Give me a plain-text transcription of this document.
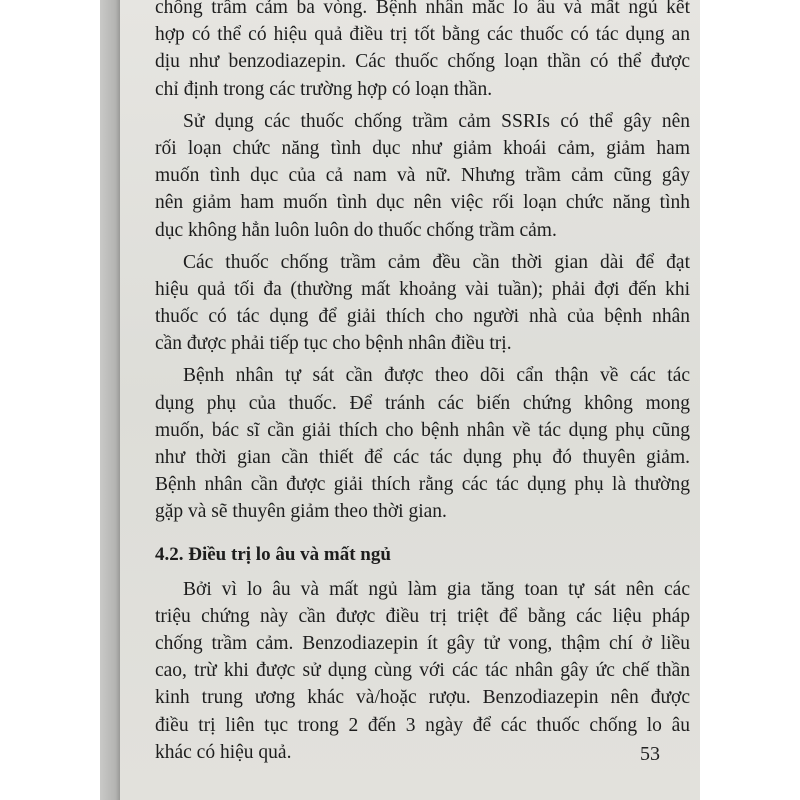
chống trầm cảm ba vòng. Bệnh nhân mắc lo âu và mất ngủ kết
hợp có thể có hiệu quả điều trị tốt bằng các thuốc có tác dụng an
dịu như benzodiazepin. Các thuốc chống loạn thần có thể được
chỉ định trong các trường hợp có loạn thần.
Sử dụng các thuốc chống trầm cảm SSRIs có thể gây nên
rối loạn chức năng tình dục như giảm khoái cảm, giảm ham
muốn tình dục của cả nam và nữ. Nhưng trầm cảm cũng gây
nên giảm ham muốn tình dục nên việc rối loạn chức năng tình
dục không hẳn luôn luôn do thuốc chống trầm cảm.
Các thuốc chống trầm cảm đều cần thời gian dài để đạt
hiệu quả tối đa (thường mất khoảng vài tuần); phải đợi đến khi
thuốc có tác dụng để giải thích cho người nhà của bệnh nhân
cần được phải tiếp tục cho bệnh nhân điều trị.
Bệnh nhân tự sát cần được theo dõi cẩn thận về các tác
dụng phụ của thuốc. Để tránh các biến chứng không mong
muốn, bác sĩ cần giải thích cho bệnh nhân về tác dụng phụ cũng
như thời gian cần thiết để các tác dụng phụ đó thuyên giảm.
Bệnh nhân cần được giải thích rằng các tác dụng phụ là thường
gặp và sẽ thuyên giảm theo thời gian.
4.2. Điều trị lo âu và mất ngủ
Bởi vì lo âu và mất ngủ làm gia tăng toan tự sát nên các
triệu chứng này cần được điều trị triệt để bằng các liệu pháp
chống trầm cảm. Benzodiazepin ít gây tử vong, thậm chí ở liều
cao, trừ khi được sử dụng cùng với các tác nhân gây ức chế thần
kinh trung ương khác và/hoặc rượu. Benzodiazepin nên được
điều trị liên tục trong 2 đến 3 ngày để các thuốc chống lo âu
khác có hiệu quả.	53
